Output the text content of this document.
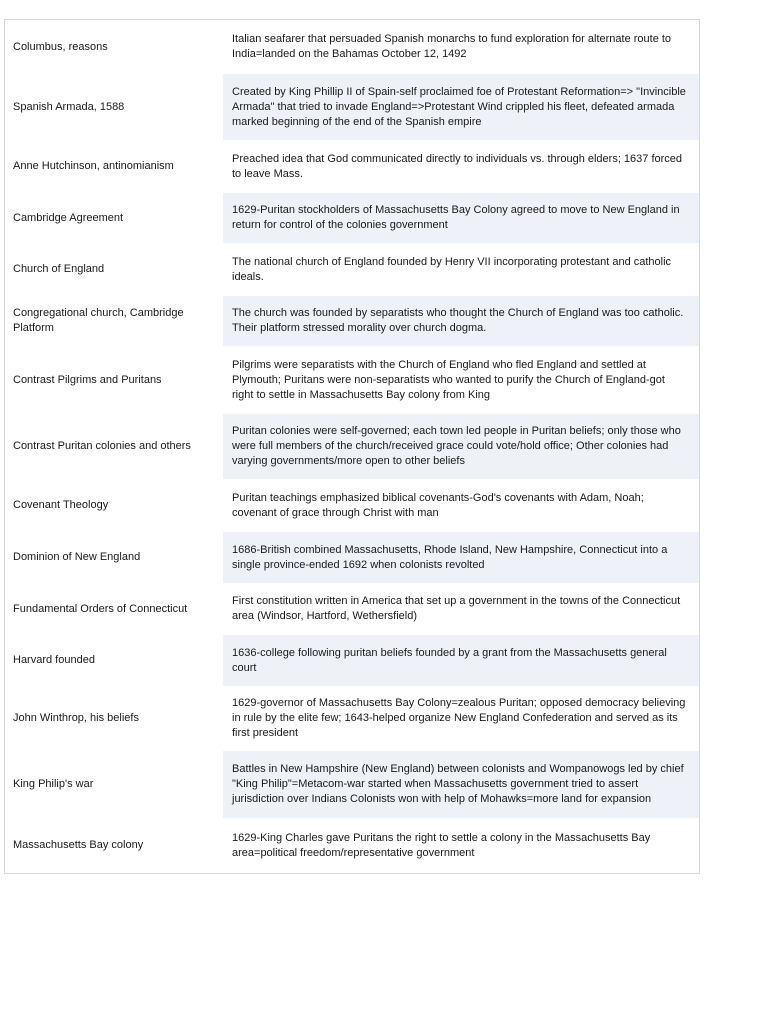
Columbus, reasons	Italian seafarer that persuaded Spanish monarchs to fund exploration for alternate route to India=landed on the Bahamas October 12, 1492
Spanish Armada, 1588	Created by King Phillip II of Spain-self proclaimed foe of Protestant Reformation=> "Invincible Armada" that tried to invade England=>Protestant Wind crippled his fleet, defeated armada marked beginning of the end of the Spanish empire
Anne Hutchinson, antinomianism	Preached idea that God communicated directly to individuals vs. through elders; 1637 forced to leave Mass.
Cambridge Agreement	1629-Puritan stockholders of Massachusetts Bay Colony agreed to move to New England in return for control of the colonies government
Church of England	The national church of England founded by Henry VII incorporating protestant and catholic ideals.
Congregational church, Cambridge Platform	The church was founded by separatists who thought the Church of England was too catholic. Their platform stressed morality over church dogma.
Contrast Pilgrims and Puritans	Pilgrims were separatists with the Church of England who fled England and settled at Plymouth; Puritans were non-separatists who wanted to purify the Church of England-got right to settle in Massachusetts Bay colony from King
Contrast Puritan colonies and others	Puritan colonies were self-governed; each town led people in Puritan beliefs; only those who were full members of the church/received grace could vote/hold office; Other colonies had varying governments/more open to other beliefs
Covenant Theology	Puritan teachings emphasized biblical covenants-God's covenants with Adam, Noah; covenant of grace through Christ with man
Dominion of New England	1686-British combined Massachusetts, Rhode Island, New Hampshire, Connecticut into a single province-ended 1692 when colonists revolted
Fundamental Orders of Connecticut	First constitution written in America that set up a government in the towns of the Connecticut area (Windsor, Hartford, Wethersfield)
Harvard founded	1636-college following puritan beliefs founded by a grant from the Massachusetts general court
John Winthrop, his beliefs	1629-governor of Massachusetts Bay Colony=zealous Puritan; opposed democracy believing in rule by the elite few; 1643-helped organize New England Confederation and served as its first president
King Philip's war	Battles in New Hampshire (New England) between colonists and Wompanowogs led by chief "King Philip"=Metacom-war started when Massachusetts government tried to assert jurisdiction over Indians Colonists won with help of Mohawks=more land for expansion
Massachusetts Bay colony	1629-King Charles gave Puritans the right to settle a colony in the Massachusetts Bay area=political freedom/representative government
